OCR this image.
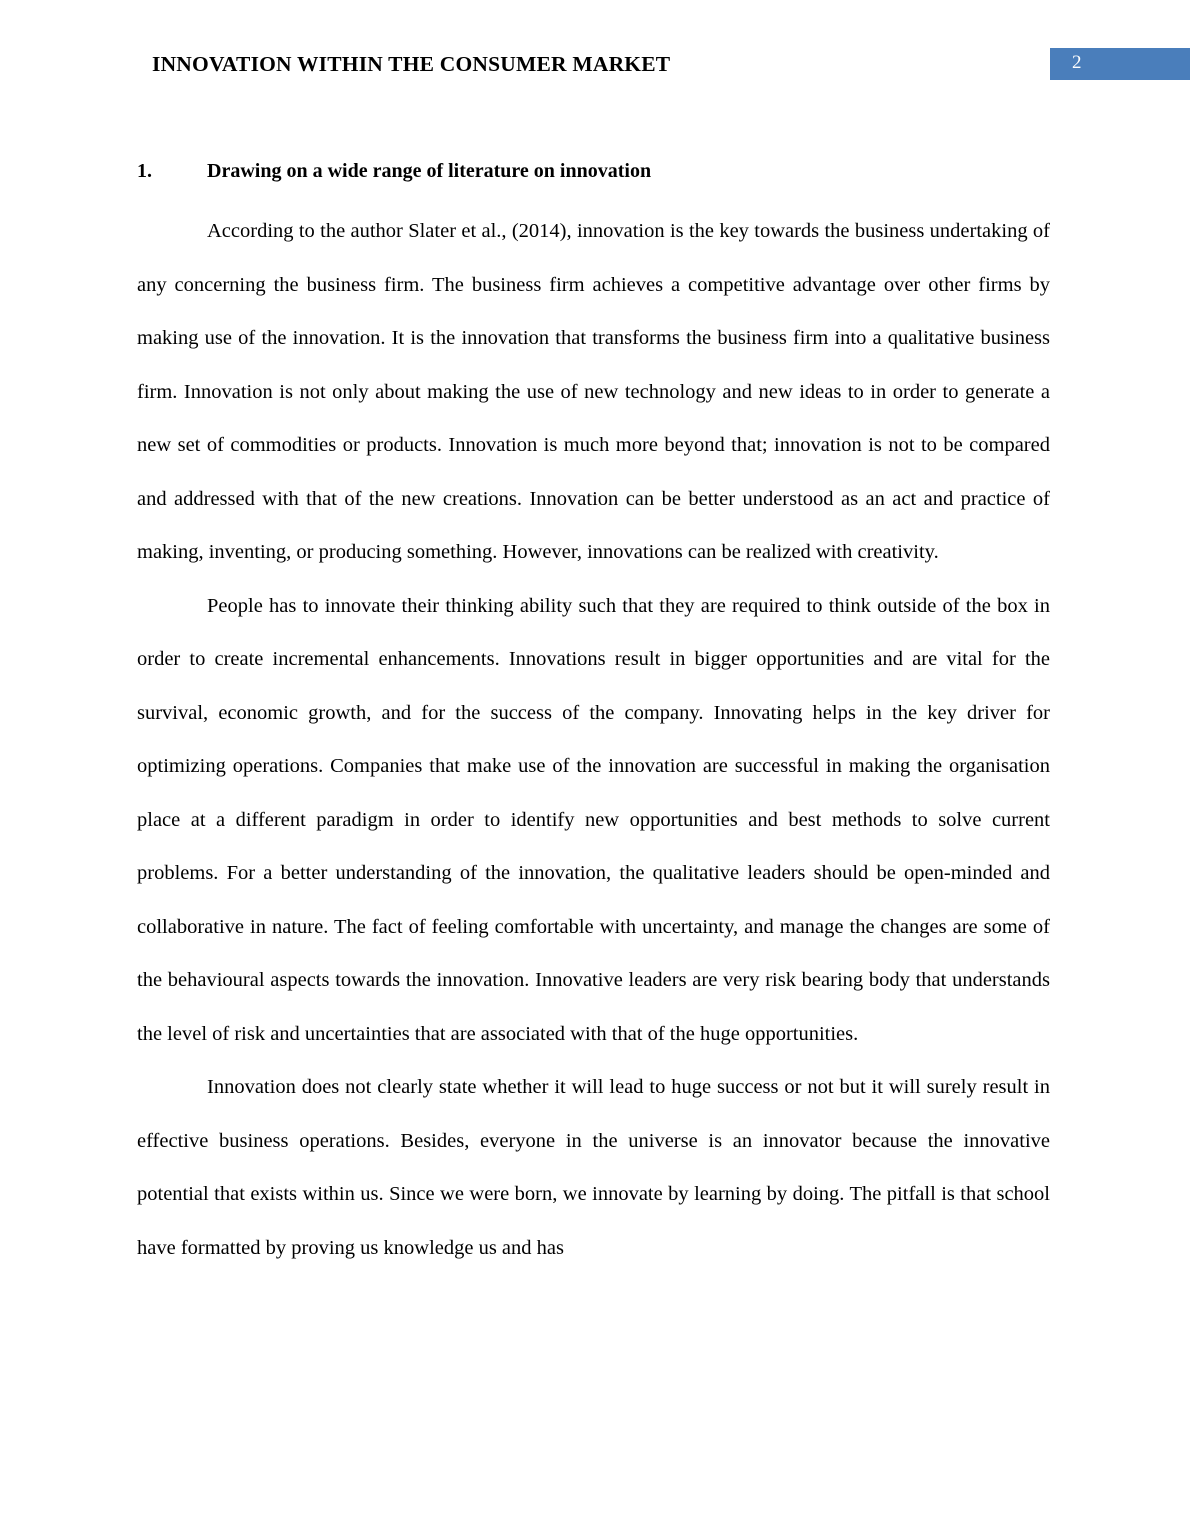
INNOVATION WITHIN THE CONSUMER MARKET	2
1.	Drawing on a wide range of literature on innovation

According to the author Slater et al., (2014), innovation is the key towards the business undertaking of any concerning the business firm. The business firm achieves a competitive advantage over other firms by making use of the innovation. It is the innovation that transforms the business firm into a qualitative business firm. Innovation is not only about making the use of new technology and new ideas to in order to generate a new set of commodities or products. Innovation is much more beyond that; innovation is not to be compared and addressed with that of the new creations. Innovation can be better understood as an act and practice of making, inventing, or producing something. However, innovations can be realized with creativity.

People has to innovate their thinking ability such that they are required to think outside of the box in order to create incremental enhancements. Innovations result in bigger opportunities and are vital for the survival, economic growth, and for the success of the company. Innovating helps in the key driver for optimizing operations. Companies that make use of the innovation are successful in making the organisation place at a different paradigm in order to identify new opportunities and best methods to solve current problems. For a better understanding of the innovation, the qualitative leaders should be open-minded and collaborative in nature. The fact of feeling comfortable with uncertainty, and manage the changes are some of the behavioural aspects towards the innovation. Innovative leaders are very risk bearing body that understands the level of risk and uncertainties that are associated with that of the huge opportunities.

Innovation does not clearly state whether it will lead to huge success or not but it will surely result in effective business operations. Besides, everyone in the universe is an innovator because the innovative potential that exists within us. Since we were born, we innovate by learning by doing. The pitfall is that school have formatted by proving us knowledge us and has
